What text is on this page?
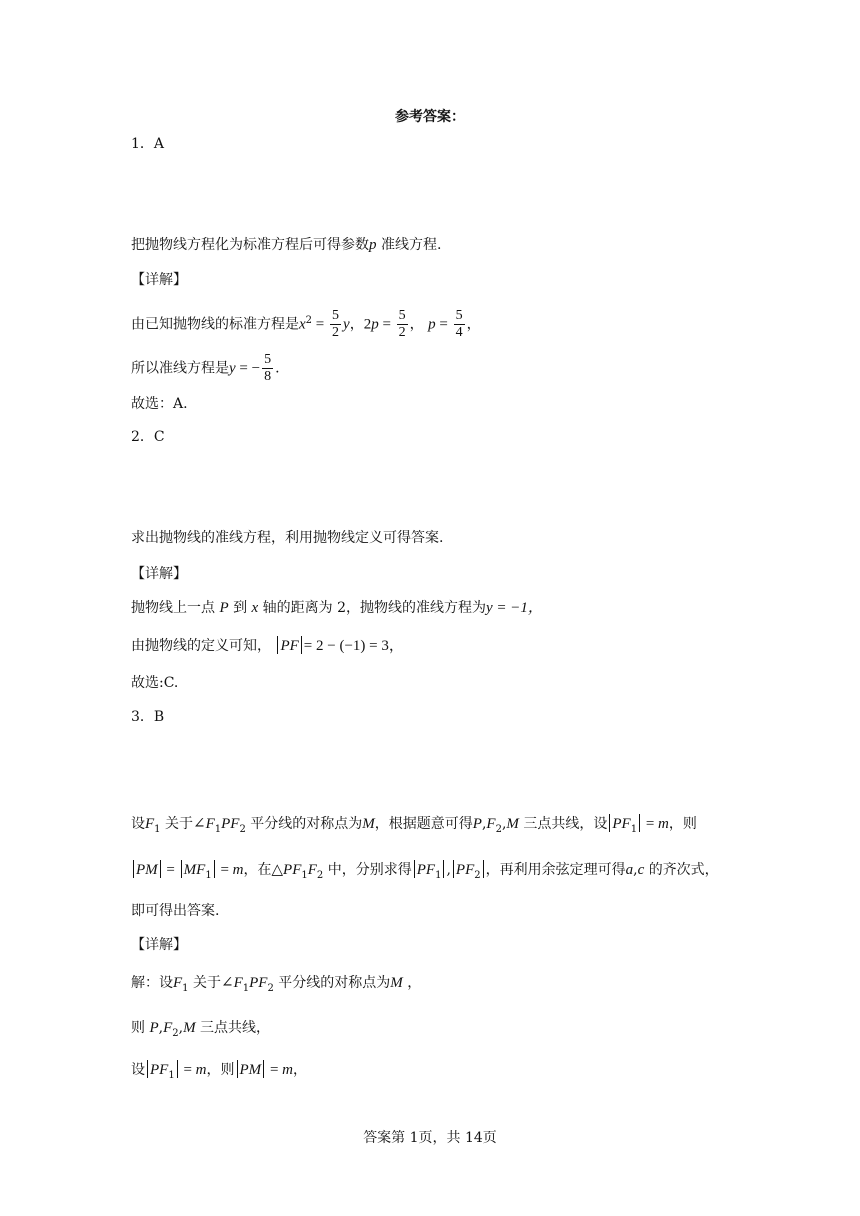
参考答案：
1．A
把抛物线方程化为标准方程后可得参数p 准线方程.
【详解】
由已知抛物线的标准方程是$x^2 = \frac{5}{2}$ y，$2p = \frac{5}{2}$ ， $p = \frac{5}{4}$ ，
所以准线方程是y = − $\frac{5}{8}$ .
故选：A.
2．C
求出抛物线的准线方程，利用抛物线定义可得答案.
【详解】
抛物线上一点 P 到 x 轴的距离为 2，抛物线的准线方程为y = −1，
由抛物线的定义可知， PF = 2 − (−1) = 3，
故选:C.
3．B
设$F_1$ 关于$\angle F_1PF_2$ 平分线的对称点为M，根据题意可得$P,F_2,M$ 三点共线，设 $PF_1 = m$，则
PM = $MF_1 = m$，在$\triangle PF_1F_2$ 中，分别求得 $PF_1$ , $PF_2$ ，再利用余弦定理可得a,c 的齐次式，
即可得出答案.
【详解】
解：设$F_1$ 关于$\angle F_1PF_2$ 平分线的对称点为M ，
则 $P,F_2,M$ 三点共线，
设 $PF_1 = m$，则 PM = m，
答案第 1页，共 14页
